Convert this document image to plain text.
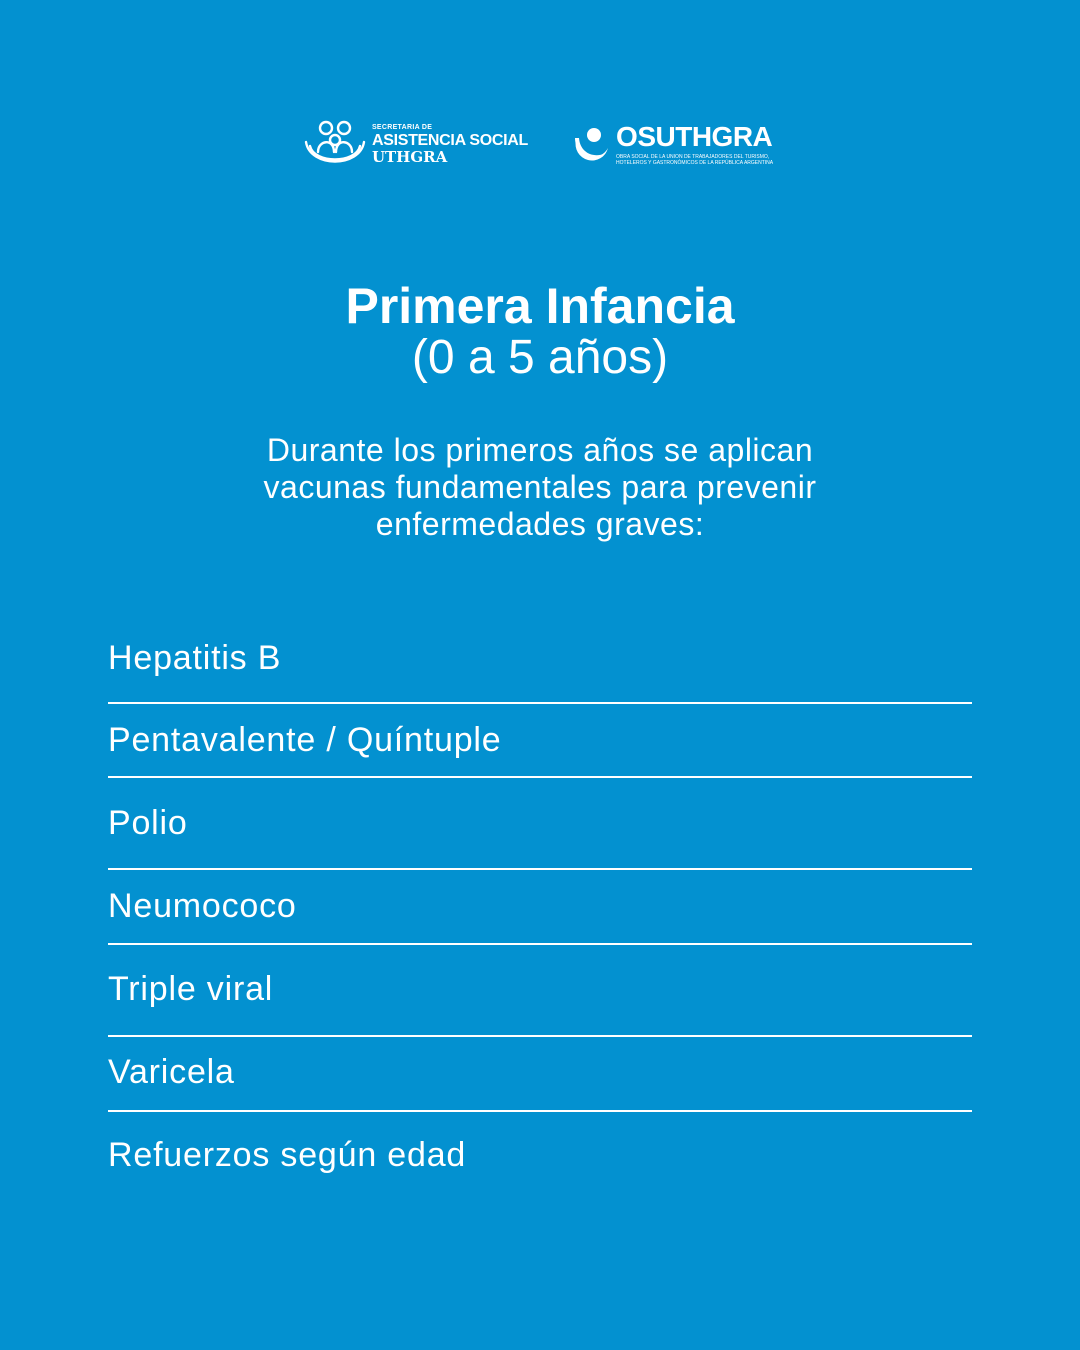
SECRETARIA DE
ASISTENCIA SOCIAL
UTHGRA
OSUTHGRA
OBRA SOCIAL DE LA UNION DE TRABAJADORES DEL TURISMO, HOTELEROS Y GASTRONÓMICOS DE LA REPÚBLICA ARGENTINA
Primera Infancia
(0 a 5 años)
Durante los primeros años se aplican
vacunas fundamentales para prevenir
enfermedades graves:
Hepatitis B
Pentavalente / Quíntuple
Polio
Neumococo
Triple viral
Varicela
Refuerzos según edad
